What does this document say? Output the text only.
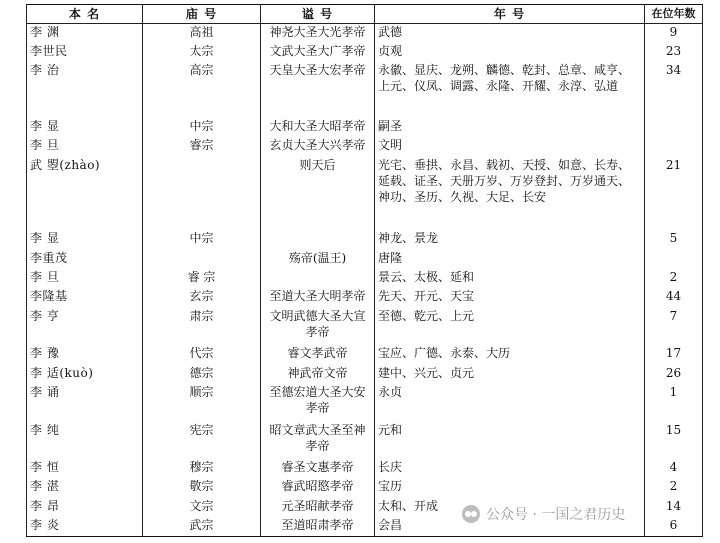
本 名	庙 号	谥 号	年 号	在位年数
李 渊	高祖	神尧大圣大光孝帝	武德	9
李世民	太宗	文武大圣大广孝帝	贞观	23
李 治	高宗	天皇大圣大宏孝帝	永徽、显庆、龙朔、麟德、乾封、总章、咸亨、上元、仪凤、调露、永隆、开耀、永淳、弘道	34
李 显	中宗	大和大圣大昭孝帝	嗣圣	
李 旦	睿宗	玄贞大圣大兴孝帝	文明	
武 曌(zhào)		则天后	光宅、垂拱、永昌、载初、天授、如意、长寿、延载、证圣、天册万岁、万岁登封、万岁通天、神功、圣历、久视、大足、长安	21
李 显	中宗		神龙、景龙	5
李重茂		殇帝(温王)	唐隆	
李 旦	睿 宗		景云、太极、延和	2
李隆基	玄宗	至道大圣大明孝帝	先天、开元、天宝	44
李 亨	肃宗	文明武德大圣大宣孝帝	至德、乾元、上元	7
李 豫	代宗	睿文孝武帝	宝应、广德、永泰、大历	17
李 适(kuò)	德宗	神武帝文帝	建中、兴元、贞元	26
李 诵	顺宗	至德宏道大圣大安孝帝	永贞	1
李 纯	宪宗	昭文章武大圣至神孝帝	元和	15
李 恒	穆宗	睿圣文惠孝帝	长庆	4
李 湛	敬宗	睿武昭愍孝帝	宝历	2
李 昂	文宗	元圣昭献孝帝	太和、开成	14
李 炎	武宗	至道昭肃孝帝	会昌	6
公众号 · 一国之君历史
